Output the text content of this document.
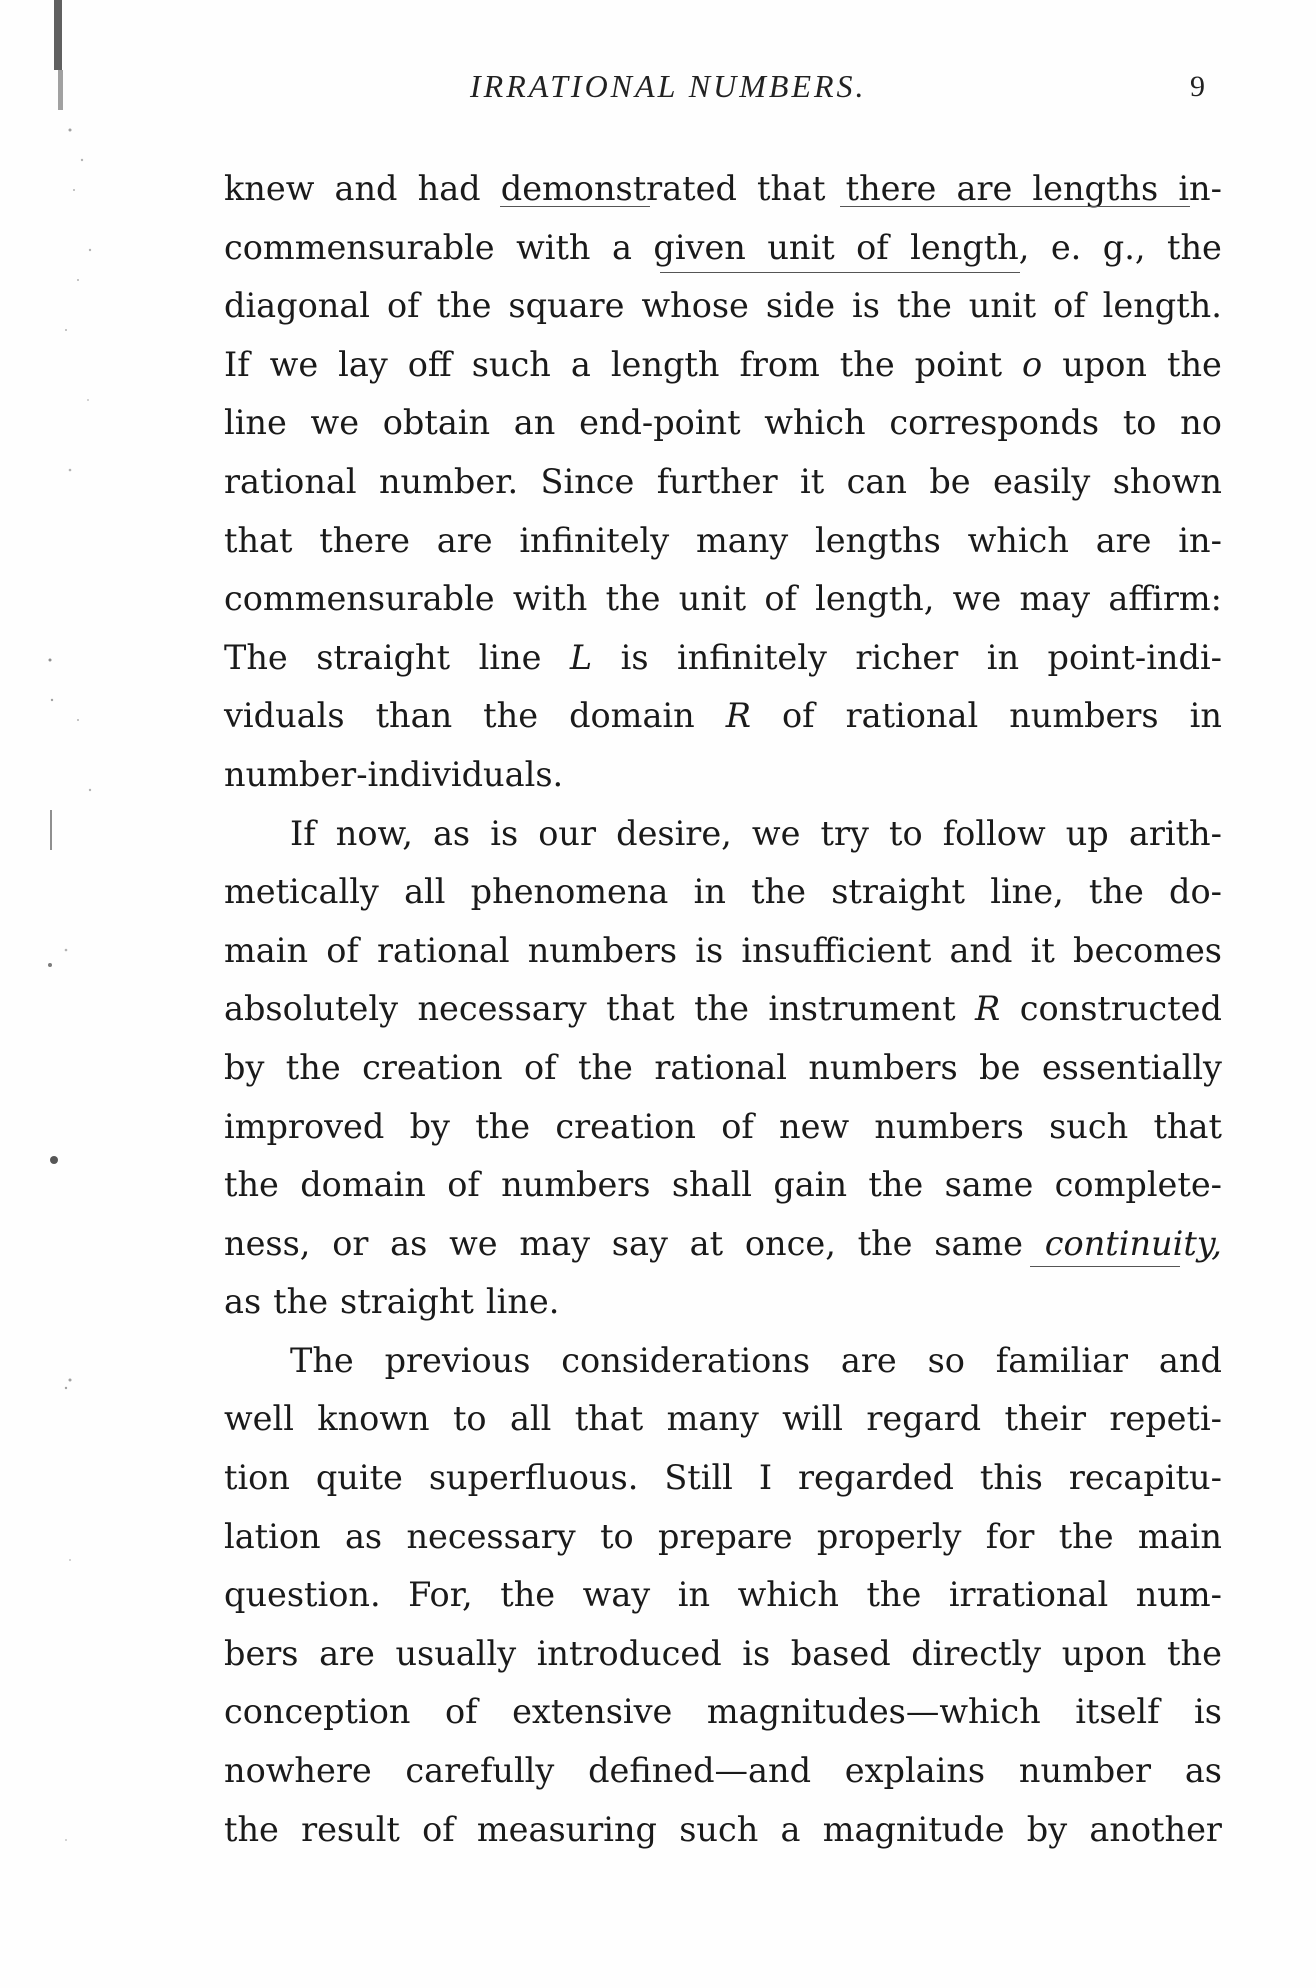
IRRATIONAL NUMBERS.	9
knew and had demonstrated that there are lengths in-
commensurable with a given unit of length, e. g., the
diagonal of the square whose side is the unit of length.
If we lay off such a length from the point o upon the
line we obtain an end-point which corresponds to no
rational number. Since further it can be easily shown
that there are infinitely many lengths which are in-
commensurable with the unit of length, we may affirm:
The straight line L is infinitely richer in point-indi-
viduals than the domain R of rational numbers in
number-individuals.
If now, as is our desire, we try to follow up arith-
metically all phenomena in the straight line, the do-
main of rational numbers is insufficient and it becomes
absolutely necessary that the instrument R constructed
by the creation of the rational numbers be essentially
improved by the creation of new numbers such that
the domain of numbers shall gain the same complete-
ness, or as we may say at once, the same continuity,
as the straight line.
The previous considerations are so familiar and
well known to all that many will regard their repeti-
tion quite superfluous. Still I regarded this recapitu-
lation as necessary to prepare properly for the main
question. For, the way in which the irrational num-
bers are usually introduced is based directly upon the
conception of extensive magnitudes—which itself is
nowhere carefully defined—and explains number as
the result of measuring such a magnitude by another
